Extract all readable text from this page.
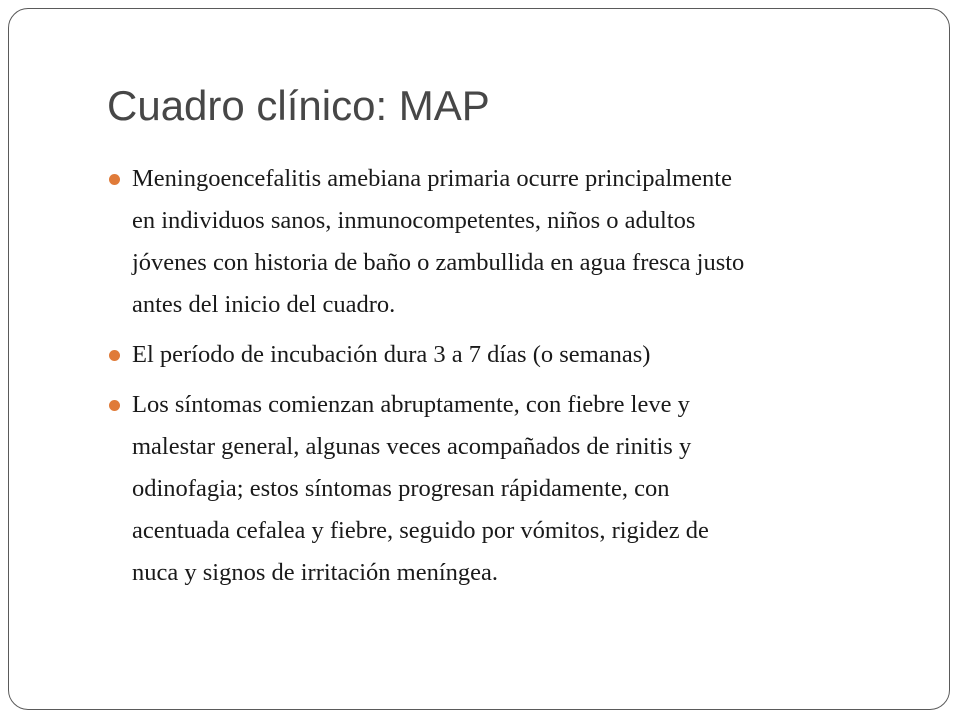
Cuadro clínico: MAP
Meningoencefalitis amebiana primaria ocurre principalmente
en individuos sanos, inmunocompetentes, niños o adultos
jóvenes con historia de baño o zambullida en agua fresca justo
antes del inicio del cuadro.
El período de incubación dura 3 a 7 días (o semanas)
Los síntomas comienzan abruptamente, con fiebre leve y
malestar general, algunas veces acompañados de rinitis y
odinofagia; estos síntomas progresan rápidamente, con
acentuada cefalea y fiebre, seguido por vómitos, rigidez de
nuca y signos de irritación meníngea.
